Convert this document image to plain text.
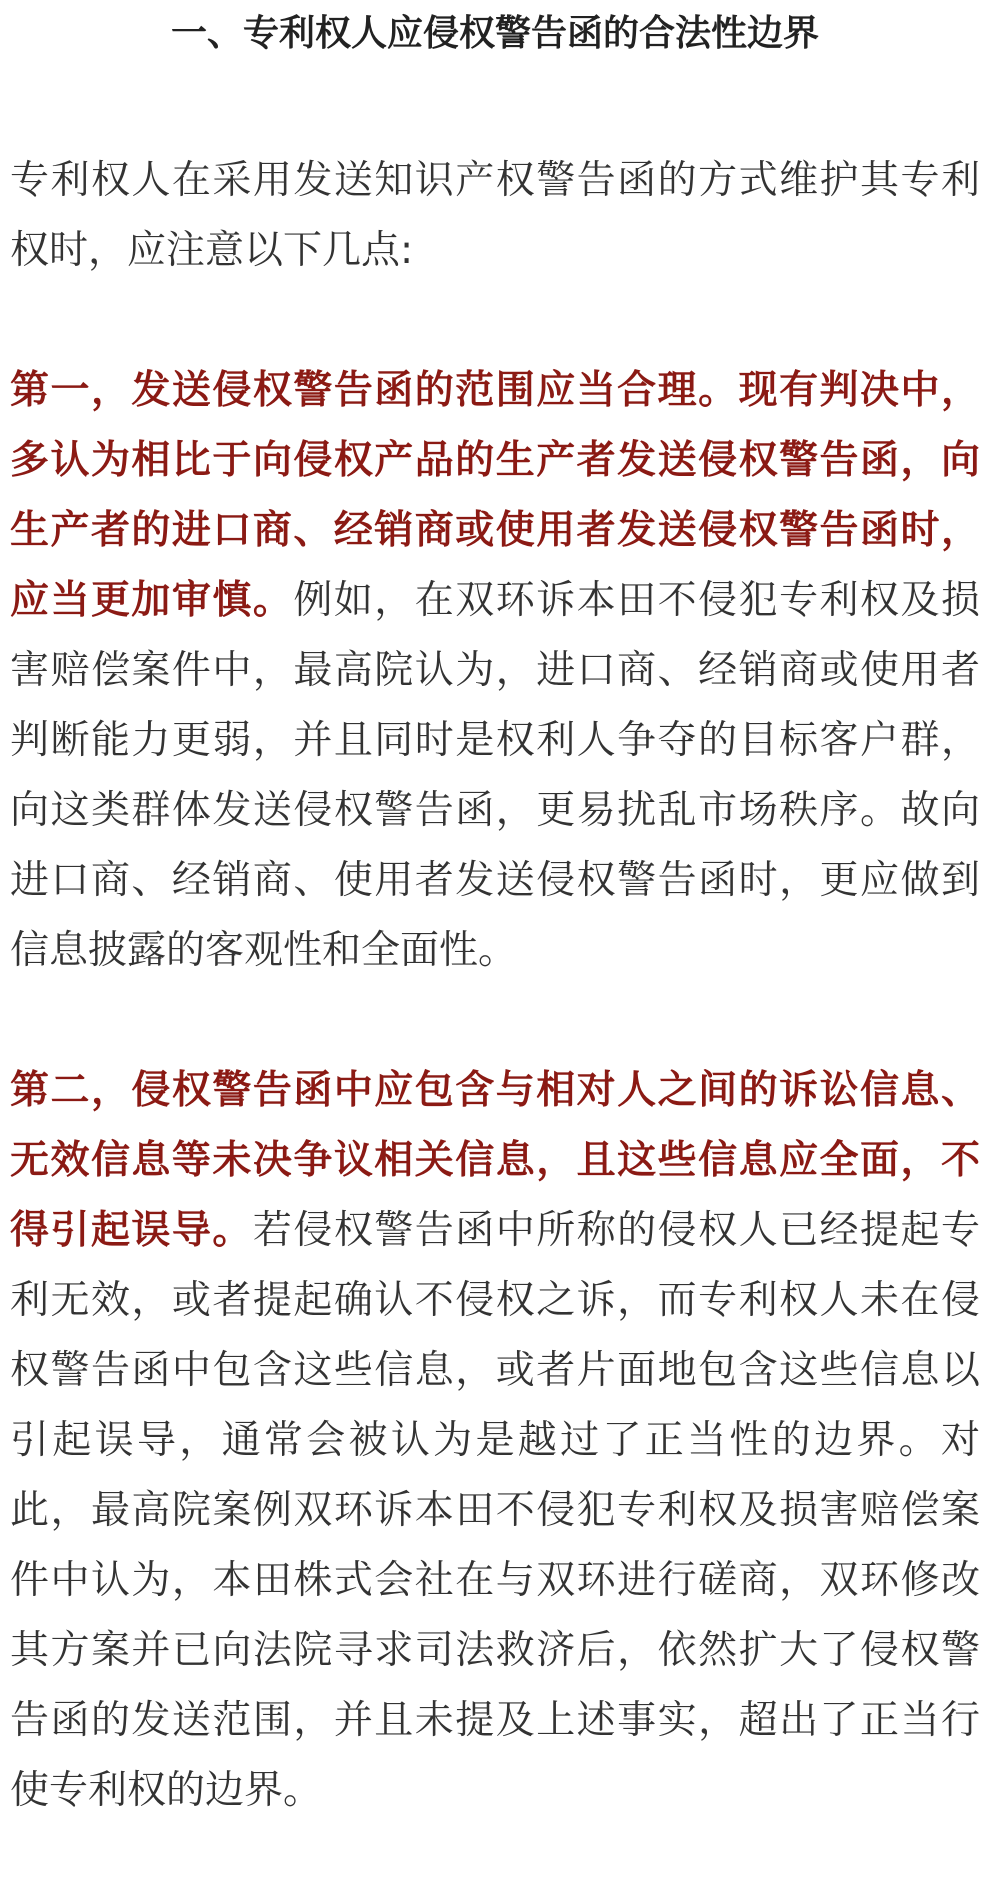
一、专利权人应侵权警告函的合法性边界

专利权人在采用发送知识产权警告函的方式维护其专利权时，应注意以下几点:

第一，发送侵权警告函的范围应当合理。现有判决中，多认为相比于向侵权产品的生产者发送侵权警告函，向生产者的进口商、经销商或使用者发送侵权警告函时，应当更加审慎。例如，在双环诉本田不侵犯专利权及损害赔偿案件中，最高院认为，进口商、经销商或使用者判断能力更弱，并且同时是权利人争夺的目标客户群，向这类群体发送侵权警告函，更易扰乱市场秩序。故向进口商、经销商、使用者发送侵权警告函时，更应做到信息披露的客观性和全面性。

第二，侵权警告函中应包含与相对人之间的诉讼信息、无效信息等未决争议相关信息，且这些信息应全面，不得引起误导。若侵权警告函中所称的侵权人已经提起专利无效，或者提起确认不侵权之诉，而专利权人未在侵权警告函中包含这些信息，或者片面地包含这些信息以引起误导，通常会被认为是越过了正当性的边界。对此，最高院案例双环诉本田不侵犯专利权及损害赔偿案件中认为，本田株式会社在与双环进行磋商，双环修改其方案并已向法院寻求司法救济后，依然扩大了侵权警告函的发送范围，并且未提及上述事实，超出了正当行使专利权的边界。
